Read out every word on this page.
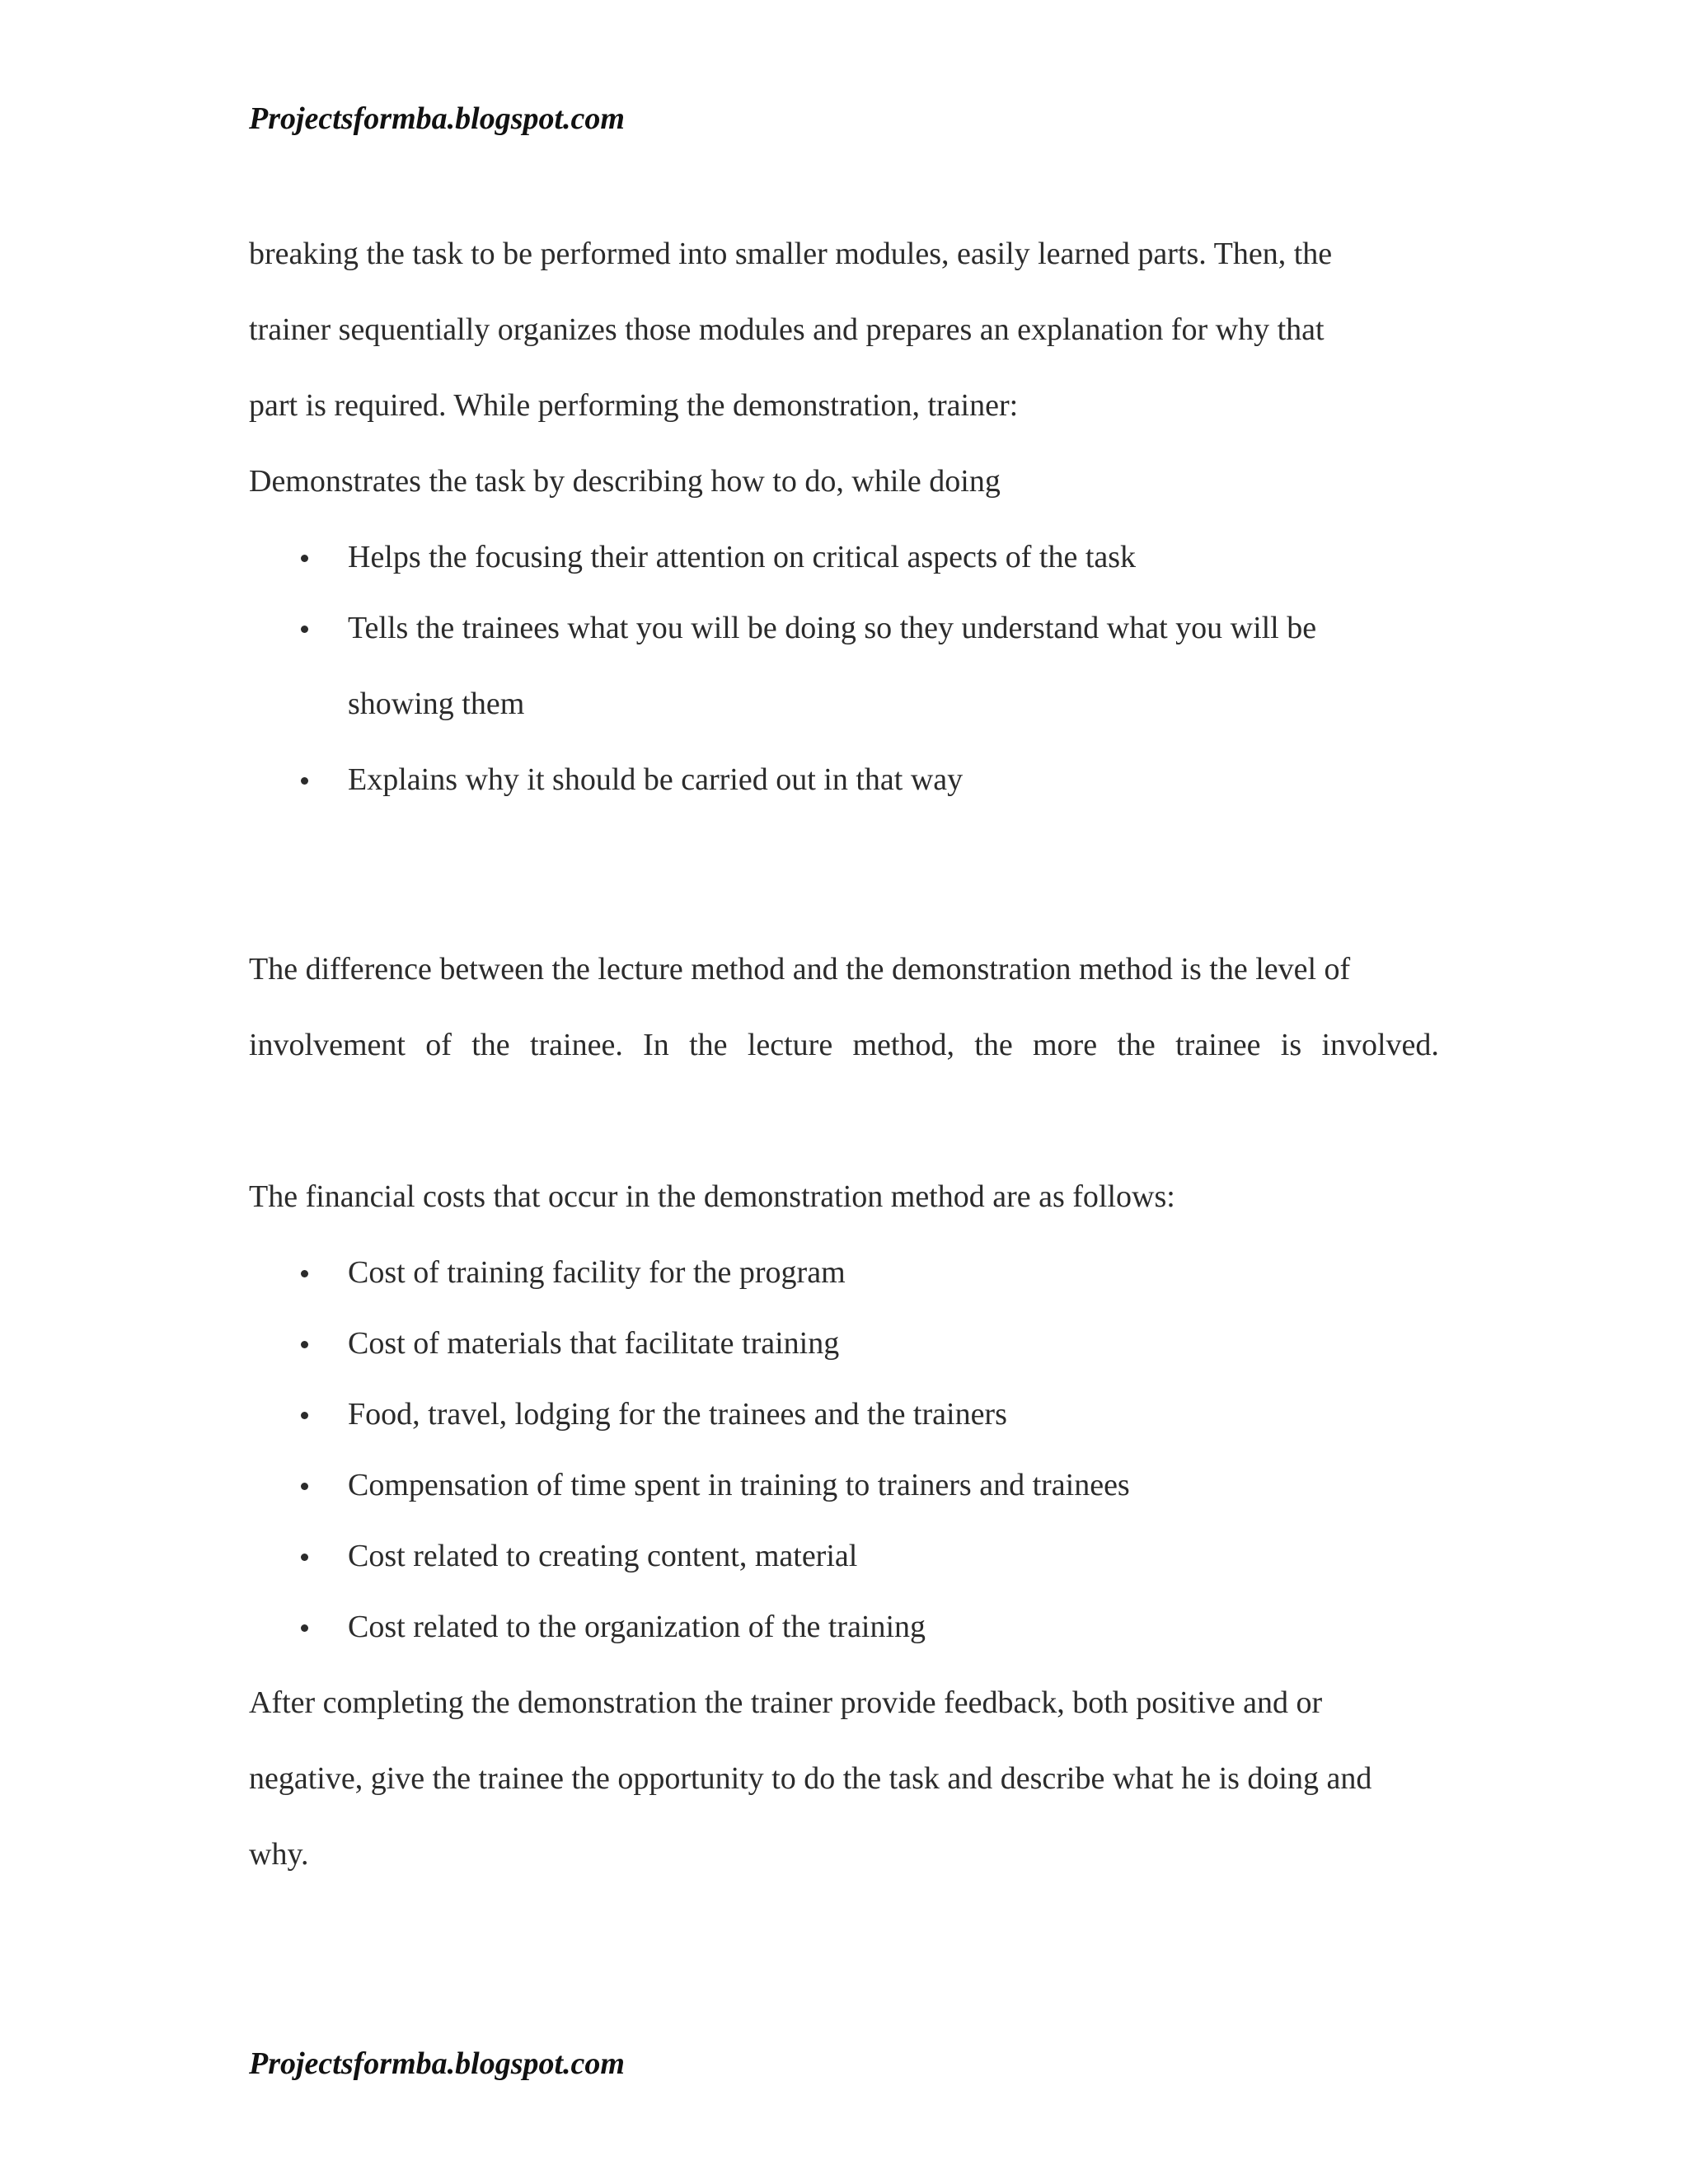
Projectsformba.blogspot.com
breaking the task to be performed into smaller modules, easily learned parts. Then, the
trainer sequentially organizes those modules and prepares an explanation for why that
part is required. While performing the demonstration, trainer:
Demonstrates the task by describing how to do, while doing
Helps the focusing their attention on critical aspects of the task
Tells the trainees what you will be doing so they understand what you will be
showing them
Explains why it should be carried out in that way
The difference between the lecture method and the demonstration method is the level of
involvement of the trainee. In the lecture method, the more the trainee is involved.
The financial costs that occur in the demonstration method are as follows:
Cost of training facility for the program
Cost of materials that facilitate training
Food, travel, lodging for the trainees and the trainers
Compensation of time spent in training to trainers and trainees
Cost related to creating content, material
Cost related to the organization of the training
After completing the demonstration the trainer provide feedback, both positive and or
negative, give the trainee the opportunity to do the task and describe what he is doing and
why.
Projectsformba.blogspot.com
